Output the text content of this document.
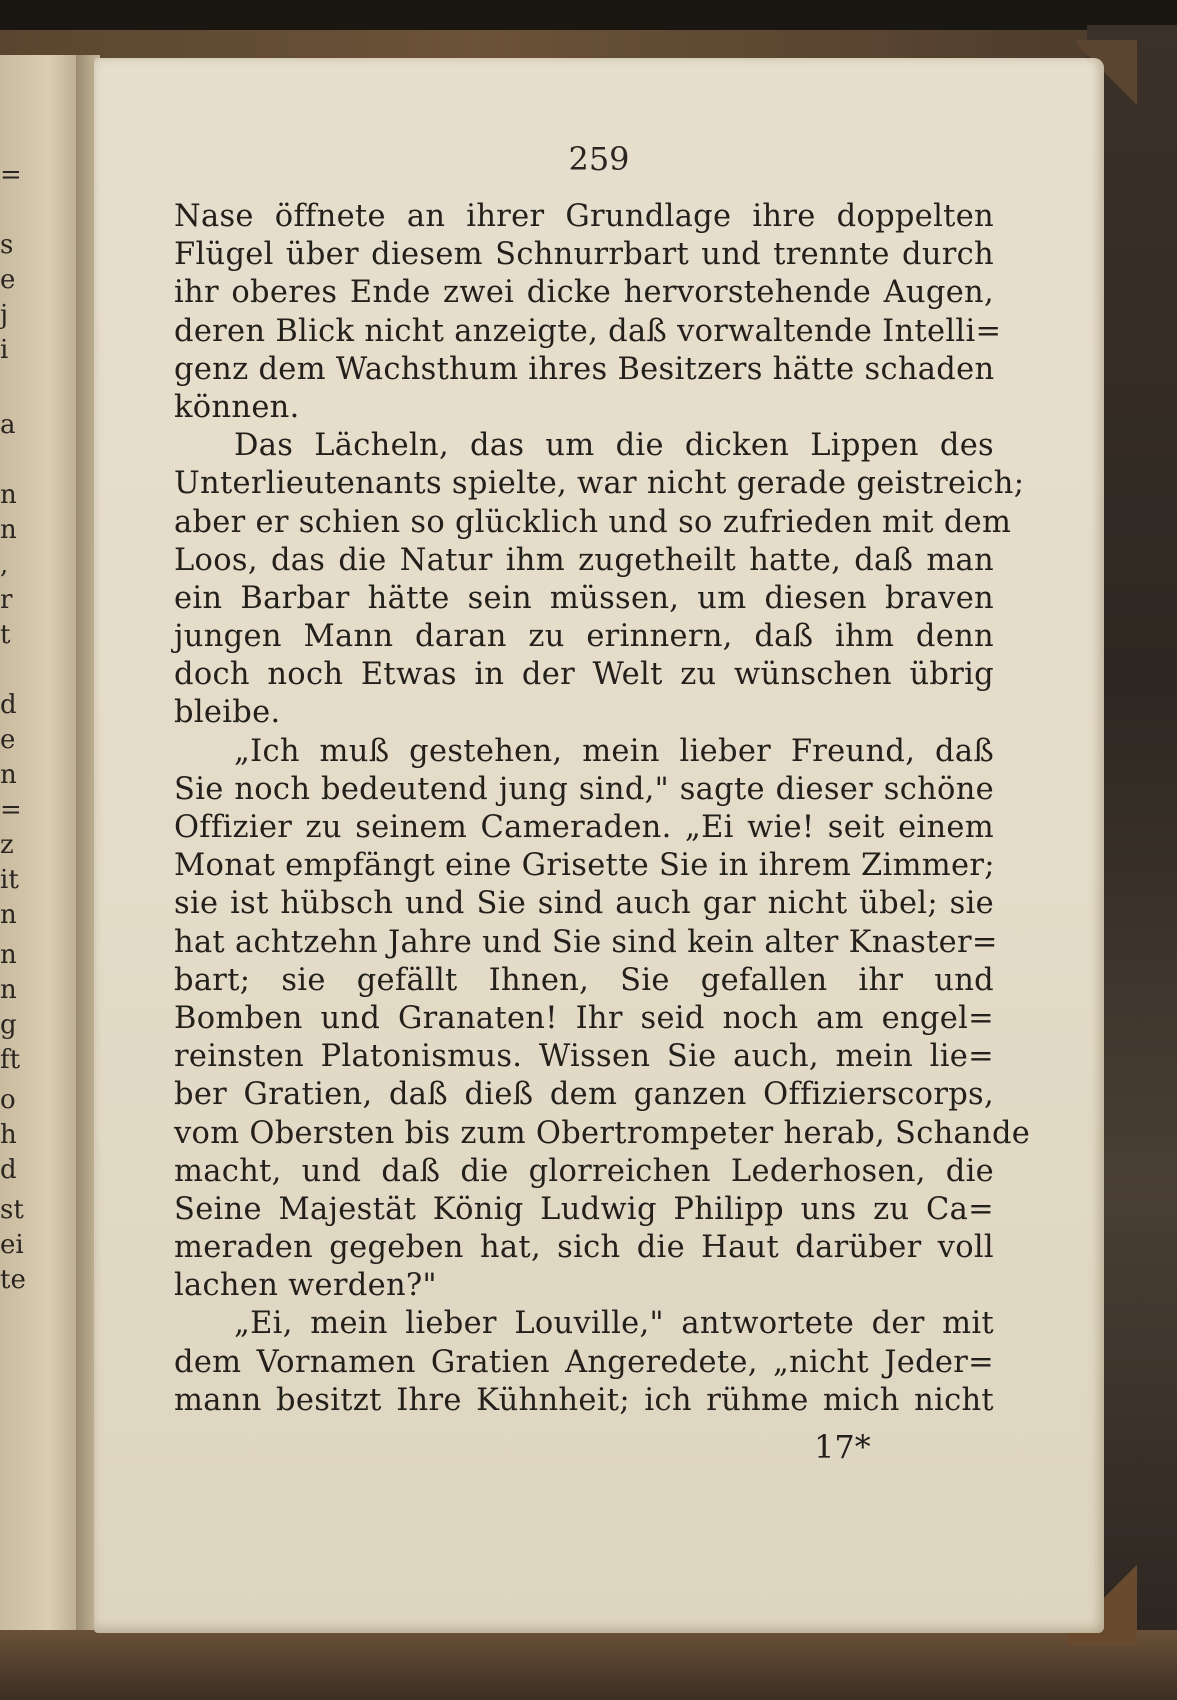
=
s
e
j
i
a
n
n
,
r
t
d
e
n
=
z
it
n
n
n
g
ft
o
h
d
st
ei
te
259
Nase öffnete an ihrer Grundlage ihre doppelten
Flügel über diesem Schnurrbart und trennte durch
ihr oberes Ende zwei dicke hervorstehende Augen,
deren Blick nicht anzeigte, daß vorwaltende Intelli=
genz dem Wachsthum ihres Besitzers hätte schaden
können.
Das Lächeln, das um die dicken Lippen des
Unterlieutenants spielte, war nicht gerade geistreich;
aber er schien so glücklich und so zufrieden mit dem
Loos, das die Natur ihm zugetheilt hatte, daß man
ein Barbar hätte sein müssen, um diesen braven
jungen Mann daran zu erinnern, daß ihm denn
doch noch Etwas in der Welt zu wünschen übrig
bleibe.
„Ich muß gestehen, mein lieber Freund, daß
Sie noch bedeutend jung sind," sagte dieser schöne
Offizier zu seinem Cameraden. „Ei wie! seit einem
Monat empfängt eine Grisette Sie in ihrem Zimmer;
sie ist hübsch und Sie sind auch gar nicht übel; sie
hat achtzehn Jahre und Sie sind kein alter Knaster=
bart; sie gefällt Ihnen, Sie gefallen ihr und
Bomben und Granaten! Ihr seid noch am engel=
reinsten Platonismus. Wissen Sie auch, mein lie=
ber Gratien, daß dieß dem ganzen Offizierscorps,
vom Obersten bis zum Obertrompeter herab, Schande
macht, und daß die glorreichen Lederhosen, die
Seine Majestät König Ludwig Philipp uns zu Ca=
meraden gegeben hat, sich die Haut darüber voll
lachen werden?"
„Ei, mein lieber Louville," antwortete der mit
dem Vornamen Gratien Angeredete, „nicht Jeder=
mann besitzt Ihre Kühnheit; ich rühme mich nicht
17*
